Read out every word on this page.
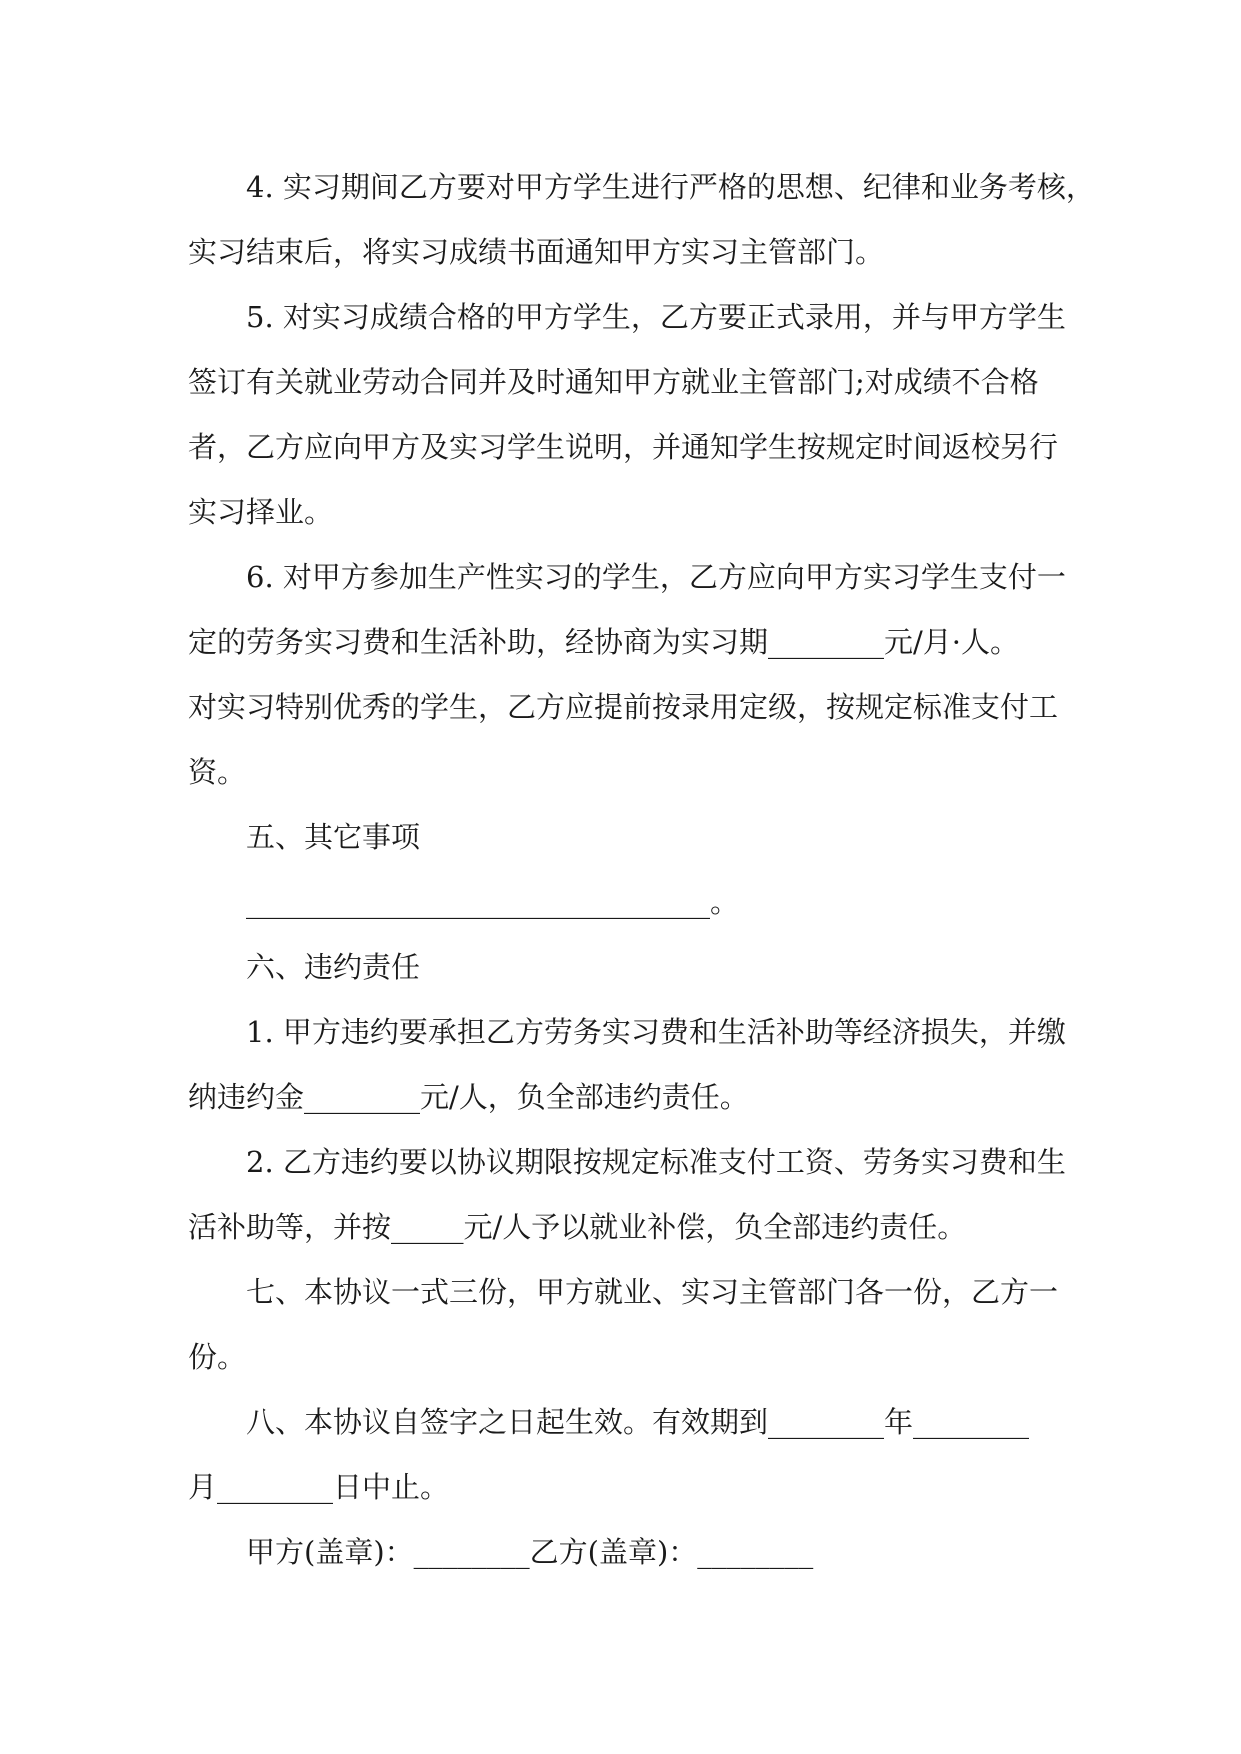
4. 实习期间乙方要对甲方学生进行严格的思想、纪律和业务考核，
实习结束后，将实习成绩书面通知甲方实习主管部门。
5. 对实习成绩合格的甲方学生，乙方要正式录用，并与甲方学生
签订有关就业劳动合同并及时通知甲方就业主管部门;对成绩不合格
者，乙方应向甲方及实习学生说明，并通知学生按规定时间返校另行
实习择业。
6. 对甲方参加生产性实习的学生，乙方应向甲方实习学生支付一
定的劳务实习费和生活补助，经协商为实习期________元/月·人。
对实习特别优秀的学生，乙方应提前按录用定级，按规定标准支付工
资。
五、其它事项
________________________________。
六、违约责任
1. 甲方违约要承担乙方劳务实习费和生活补助等经济损失，并缴
纳违约金________元/人，负全部违约责任。
2. 乙方违约要以协议期限按规定标准支付工资、劳务实习费和生
活补助等，并按_____元/人予以就业补偿，负全部违约责任。
七、本协议一式三份，甲方就业、实习主管部门各一份，乙方一
份。
八、本协议自签字之日起生效。有效期到________年________
月________日中止。
甲方(盖章)：________乙方(盖章)：________
